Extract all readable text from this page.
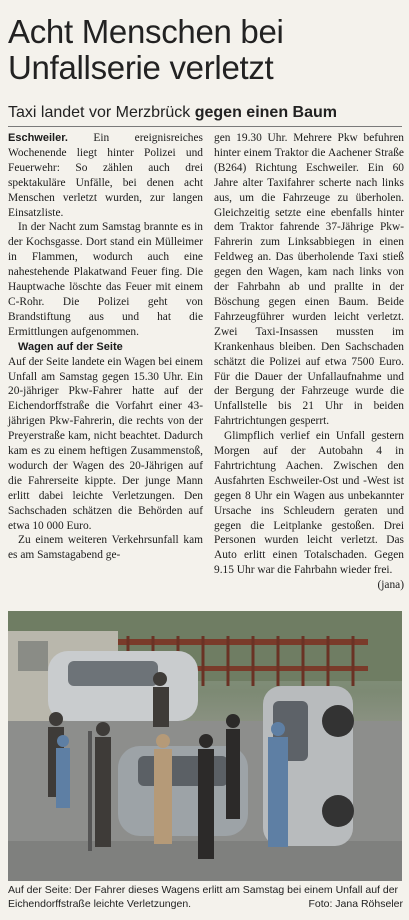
Acht Menschen bei
Unfallserie verletzt
Taxi landet vor Merzbrück gegen einen Baum

Eschweiler. Ein ereignisreiches Wochenende liegt hinter Polizei und Feuerwehr: So zählen auch drei spektakuläre Unfälle, bei denen acht Menschen verletzt wurden, zur langen Einsatzliste.

In der Nacht zum Samstag brannte es in der Kochsgasse. Dort stand ein Mülleimer in Flammen, wodurch auch eine nahestehende Plakatwand Feuer fing. Die Hauptwache löschte das Feuer mit einem C-Rohr. Die Polizei geht von Brandstiftung aus und hat die Ermittlungen aufgenommen.

Wagen auf der Seite

Auf der Seite landete ein Wagen bei einem Unfall am Samstag gegen 15.30 Uhr. Ein 20-jähriger Pkw-Fahrer hatte auf der Eichendorffstraße die Vorfahrt einer 43-jährigen Pkw-Fahrerin, die rechts von der Preyerstraße kam, nicht beachtet. Dadurch kam es zu einem heftigen Zusammenstoß, wodurch der Wagen des 20-Jährigen auf die Fahrerseite kippte. Der junge Mann erlitt dabei leichte Verletzungen. Den Sachschaden schätzen die Behörden auf etwa 10 000 Euro.

Zu einem weiteren Verkehrsunfall kam es am Samstagabend ge-

gen 19.30 Uhr. Mehrere Pkw befuhren hinter einem Traktor die Aachener Straße (B264) Richtung Eschweiler. Ein 60 Jahre alter Taxifahrer scherte nach links aus, um die Fahrzeuge zu überholen. Gleichzeitig setzte eine ebenfalls hinter dem Traktor fahrende 37-Jährige Pkw-Fahrerin zum Linksabbiegen in einen Feldweg an. Das überholende Taxi stieß gegen den Wagen, kam nach links von der Fahrbahn ab und prallte in der Böschung gegen einen Baum. Beide Fahrzeugführer wurden leicht verletzt. Zwei Taxi-Insassen mussten im Krankenhaus bleiben. Den Sachschaden schätzt die Polizei auf etwa 7500 Euro. Für die Dauer der Unfallaufnahme und der Bergung der Fahrzeuge wurde die Unfallstelle bis 21 Uhr in beiden Fahrtrichtungen gesperrt.

Glimpflich verlief ein Unfall gestern Morgen auf der Autobahn 4 in Fahrtrichtung Aachen. Zwischen den Ausfahrten Eschweiler-Ost und -West ist gegen 8 Uhr ein Wagen aus unbekannter Ursache ins Schleudern geraten und gegen die Leitplanke gestoßen. Drei Personen wurden leicht verletzt. Das Auto erlitt einen Totalschaden. Gegen 9.15 Uhr war die Fahrbahn wieder frei.
(jana)

Auf der Seite: Der Fahrer dieses Wagens erlitt am Samstag bei einem Unfall auf der Eichendorffstraße leichte Verletzungen.	Foto: Jana Röhseler
